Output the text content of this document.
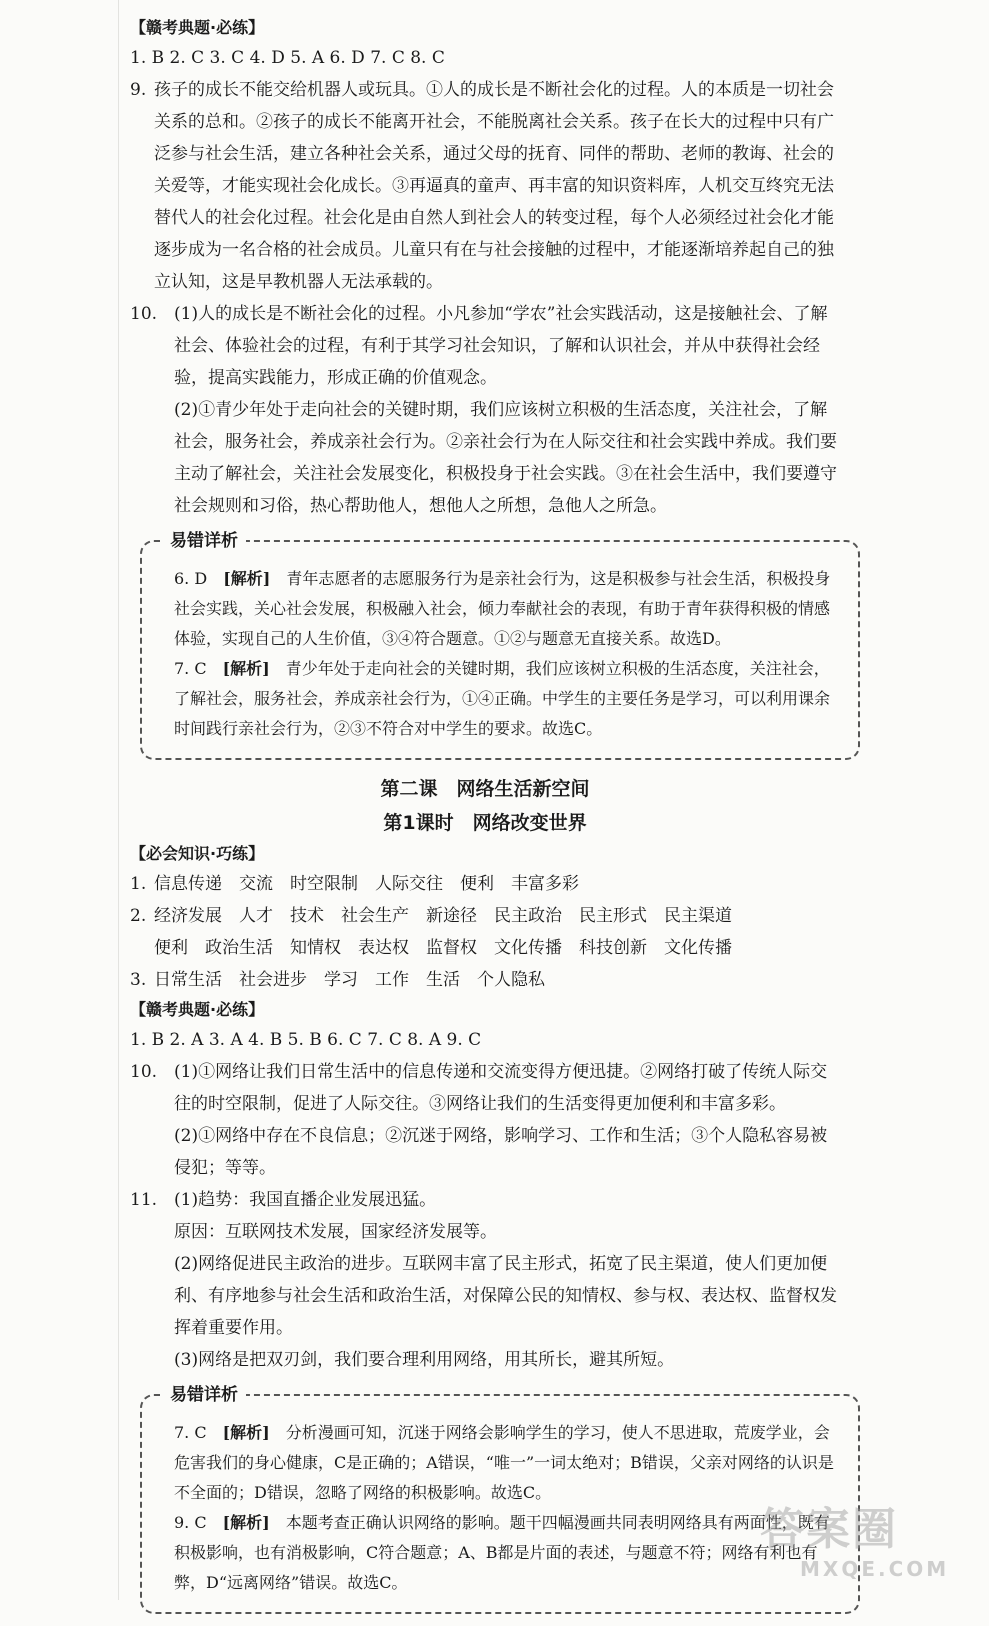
【赣考典题·必练】
1. B 2. C 3. C 4. D 5. A 6. D 7. C 8. C
9. 孩子的成长不能交给机器人或玩具。①人的成长是不断社会化的过程。人的本质是一切社会关系的总和。②孩子的成长不能离开社会，不能脱离社会关系。孩子在长大的过程中只有广泛参与社会生活，建立各种社会关系，通过父母的抚育、同伴的帮助、老师的教诲、社会的关爱等，才能实现社会化成长。③再逼真的童声、再丰富的知识资料库，人机交互终究无法替代人的社会化过程。社会化是由自然人到社会人的转变过程，每个人必须经过社会化才能逐步成为一名合格的社会成员。儿童只有在与社会接触的过程中，才能逐渐培养起自己的独立认知，这是早教机器人无法承载的。
10. (1)人的成长是不断社会化的过程。小凡参加“学农”社会实践活动，这是接触社会、了解社会、体验社会的过程，有利于其学习社会知识，了解和认识社会，并从中获得社会经验，提高实践能力，形成正确的价值观念。
(2)①青少年处于走向社会的关键时期，我们应该树立积极的生活态度，关注社会，了解社会，服务社会，养成亲社会行为。②亲社会行为在人际交往和社会实践中养成。我们要主动了解社会，关注社会发展变化，积极投身于社会实践。③在社会生活中，我们要遵守社会规则和习俗，热心帮助他人，想他人之所想，急他人之所急。
易错详析
6. D　 [解析]　 青年志愿者的志愿服务行为是亲社会行为，这是积极参与社会生活，积极投身社会实践，关心社会发展，积极融入社会，倾力奉献社会的表现，有助于青年获得积极的情感体验，实现自己的人生价值，③④符合题意。①②与题意无直接关系。故选D。
7. C　 [解析]　 青少年处于走向社会的关键时期，我们应该树立积极的生活态度，关注社会，了解社会，服务社会，养成亲社会行为，①④正确。中学生的主要任务是学习，可以利用课余时间践行亲社会行为，②③不符合对中学生的要求。故选C。
第二课　网络生活新空间
第1课时　网络改变世界
【必会知识·巧练】
1. 信息传递　交流　时空限制　人际交往　便利　丰富多彩
2. 经济发展　人才　技术　社会生产　新途径　民主政治　民主形式　民主渠道
便利　政治生活　知情权　表达权　监督权　文化传播　科技创新　文化传播
3. 日常生活　社会进步　学习　工作　生活　个人隐私
【赣考典题·必练】
1. B 2. A 3. A 4. B 5. B 6. C 7. C 8. A 9. C
10. (1)①网络让我们日常生活中的信息传递和交流变得方便迅捷。②网络打破了传统人际交往的时空限制，促进了人际交往。③网络让我们的生活变得更加便利和丰富多彩。
(2)①网络中存在不良信息；②沉迷于网络，影响学习、工作和生活；③个人隐私容易被侵犯；等等。
11. (1)趋势：我国直播企业发展迅猛。
原因：互联网技术发展，国家经济发展等。
(2)网络促进民主政治的进步。互联网丰富了民主形式，拓宽了民主渠道，使人们更加便利、有序地参与社会生活和政治生活，对保障公民的知情权、参与权、表达权、监督权发挥着重要作用。
(3)网络是把双刃剑，我们要合理利用网络，用其所长，避其所短。
易错详析
7. C　 [解析]　 分析漫画可知，沉迷于网络会影响学生的学习，使人不思进取，荒废学业，会危害我们的身心健康，C是正确的；A错误，“唯一”一词太绝对；B错误，父亲对网络的认识是不全面的；D错误，忽略了网络的积极影响。故选C。
9. C　 [解析]　 本题考查正确认识网络的影响。题干四幅漫画共同表明网络具有两面性，既有积极影响，也有消极影响，C符合题意；A、B都是片面的表述，与题意不符；网络有利也有弊，D“远离网络”错误。故选C。
答案圈
MXQE.COM
